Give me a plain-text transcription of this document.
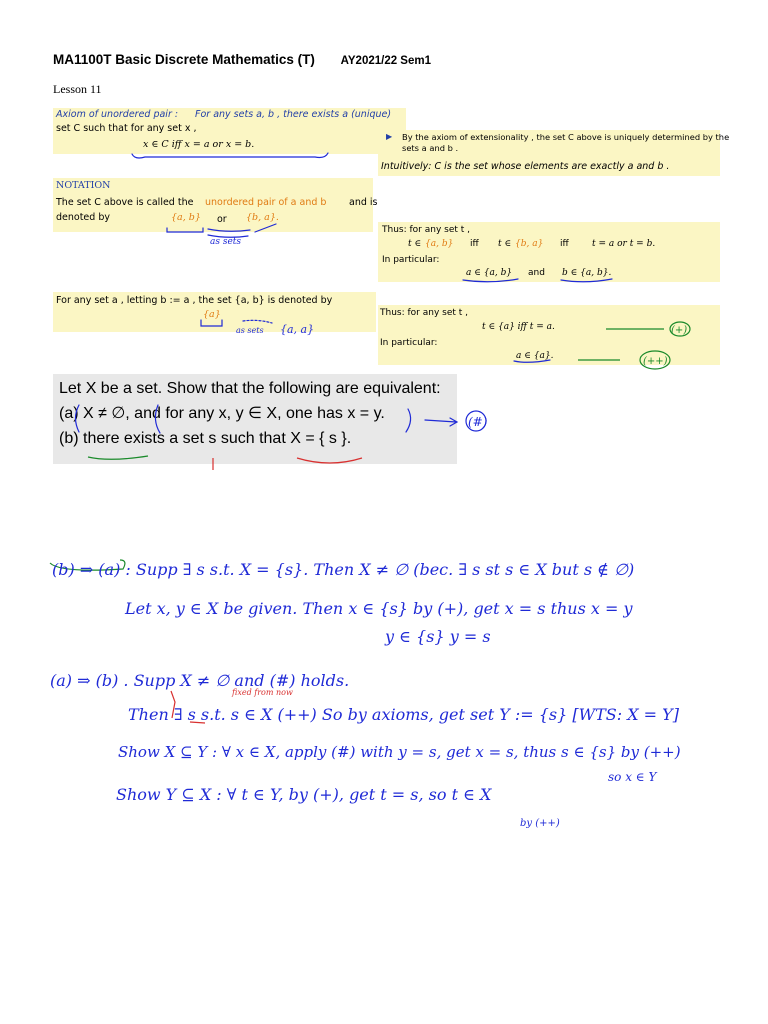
MA1100T Basic Discrete Mathematics (T) AY2021/22 Sem1
Lesson 11
Axiom of unordered pair : For any sets a, b , there exists a (unique)
set C such that for any set x ,
x ∈ C iff x = a or x = b.
▶ By the axiom of extensionality , the set C above is uniquely determined by the
sets a and b .
Intuitively: C is the set whose elements are exactly a and b .
NOTATION
The set C above is called the unordered pair of a and b and is
denoted by	{a, b} or {b, a}.
Thus: for any set t ,
t ∈ {a, b} iff t ∈ {b, a} iff	t = a or t = b.
In particular:
a ∈ {a, b} and b ∈ {a, b}.
For any set a , letting b := a , the set {a, b} is denoted by
{a}	Thus: for any set t ,
t ∈ {a} iff t = a.
In particular:
a ∈ {a}.
Let X be a set. Show that the following are equivalent:
(a) X ≠ ∅, and for any x, y ∈ X, one has x = y.
(b) there exists a set s such that X = { s }.
as sets
as sets {a, a}	(+)
(++)
(#)
(b) ⇒ (a) : Supp ∃ s s.t. X = {s}. Then X ≠ ∅ (bec. ∃ s st s ∈ X but s ∉ ∅)
Let x, y ∈ X be given. Then x ∈ {s} by (+), get x = s thus x = y
y ∈ {s} y = s
(a) ⇒ (b) . Supp X ≠ ∅ and (#) holds.
fixed from now
Then ∃ s s.t. s ∈ X (++) So by axioms, get set Y := {s} [WTS: X = Y]
Show X ⊆ Y : ∀ x ∈ X, apply (#) with y = s, get x = s, thus s ∈ {s} by (++)
so x ∈ Y
Show Y ⊆ X : ∀ t ∈ Y, by (+), get t = s, so t ∈ X
by (++)
